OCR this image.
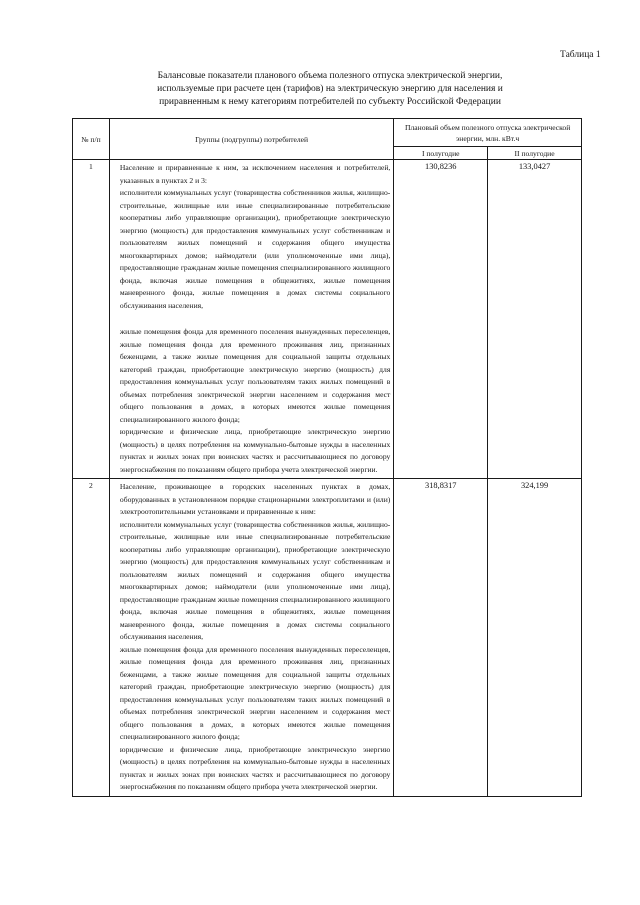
Таблица 1
Балансовые показатели планового объема полезного отпуска электрической энергии,
используемые при расчете цен (тарифов) на электрическую энергию для населения и
приравненным к нему категориям потребителей по субъекту Российской Федерации
№ п/п	Группы (подгруппы) потребителей	Плановый объем полезного отпуска электрической энергии, млн. кВт.ч	
		I полугодие	II полугодие
1	Население и приравненные к ним, за исключением населения и потребителей, указанных в пунктах 2 и 3:
исполнители коммунальных услуг (товарищества собственников жилья, жилищно-строительные, жилищные или иные специализированные потребительские кооперативы либо управляющие организации), приобретающие электрическую энергию (мощность) для предоставления коммунальных услуг собственникам и пользователям жилых помещений и содержания общего имущества многоквартирных домов; наймодатели (или уполномоченные ими лица), предоставляющие гражданам жилые помещения специализированного жилищного фонда, включая жилые помещения в общежитиях, жилые помещения маневренного фонда, жилые помещения в домах системы социального обслуживания населения,
жилые помещения фонда для временного поселения вынужденных переселенцев, жилые помещения фонда для временного проживания лиц, признанных беженцами, а также жилые помещения для социальной защиты отдельных категорий граждан, приобретающие электрическую энергию (мощность) для предоставления коммунальных услуг пользователям таких жилых помещений в объемах потребления электрической энергии населением и содержания мест общего пользования в домах, в которых имеются жилые помещения специализированного жилого фонда;
юридические и физические лица, приобретающие электрическую энергию (мощность) в целях потребления на коммунально-бытовые нужды в населенных пунктах и жилых зонах при воинских частях и рассчитывающиеся по договору энергоснабжения по показаниям общего прибора учета электрической энергии.	130,8236	133,0427
2	Население, проживающее в городских населенных пунктах в домах, оборудованных в установленном порядке стационарными электроплитами и (или) электроотопительными установками и приравненные к ним:
исполнители коммунальных услуг (товарищества собственников жилья, жилищно-строительные, жилищные или иные специализированные потребительские кооперативы либо управляющие организации), приобретающие электрическую энергию (мощность) для предоставления коммунальных услуг собственникам и пользователям жилых помещений и содержания общего имущества многоквартирных домов; наймодатели (или уполномоченные ими лица), предоставляющие гражданам жилые помещения специализированного жилищного фонда, включая жилые помещения в общежитиях, жилые помещения маневренного фонда, жилые помещения в домах системы социального обслуживания населения,
жилые помещения фонда для временного поселения вынужденных переселенцев, жилые помещения фонда для временного проживания лиц, признанных беженцами, а также жилые помещения для социальной защиты отдельных категорий граждан, приобретающие электрическую энергию (мощность) для предоставления коммунальных услуг пользователям таких жилых помещений в объемах потребления электрической энергии населением и содержания мест общего пользования в домах, в которых имеются жилые помещения специализированного жилого фонда;
юридические и физические лица, приобретающие электрическую энергию (мощность) в целях потребления на коммунально-бытовые нужды в населенных пунктах и жилых зонах при воинских частях и рассчитывающиеся по договору энергоснабжения по показаниям общего прибора учета электрической энергии.	318,8317	324,199
